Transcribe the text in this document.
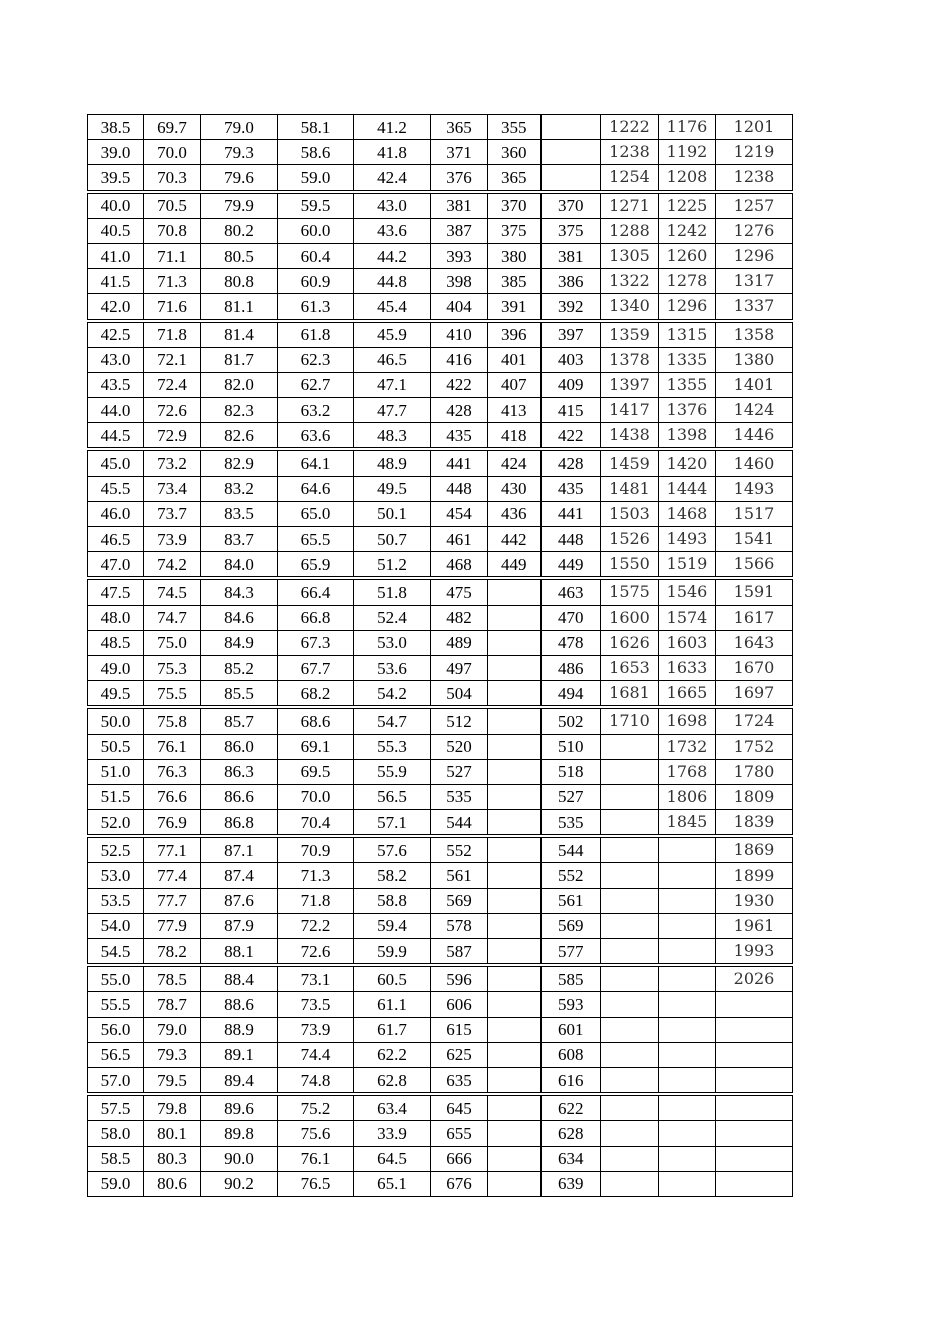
38.5	69.7	79.0	58.1	41.2	365	355		1222	1176	1201
39.0	70.0	79.3	58.6	41.8	371	360		1238	1192	1219
39.5	70.3	79.6	59.0	42.4	376	365		1254	1208	1238
40.0	70.5	79.9	59.5	43.0	381	370	370	1271	1225	1257
40.5	70.8	80.2	60.0	43.6	387	375	375	1288	1242	1276
41.0	71.1	80.5	60.4	44.2	393	380	381	1305	1260	1296
41.5	71.3	80.8	60.9	44.8	398	385	386	1322	1278	1317
42.0	71.6	81.1	61.3	45.4	404	391	392	1340	1296	1337
42.5	71.8	81.4	61.8	45.9	410	396	397	1359	1315	1358
43.0	72.1	81.7	62.3	46.5	416	401	403	1378	1335	1380
43.5	72.4	82.0	62.7	47.1	422	407	409	1397	1355	1401
44.0	72.6	82.3	63.2	47.7	428	413	415	1417	1376	1424
44.5	72.9	82.6	63.6	48.3	435	418	422	1438	1398	1446
45.0	73.2	82.9	64.1	48.9	441	424	428	1459	1420	1460
45.5	73.4	83.2	64.6	49.5	448	430	435	1481	1444	1493
46.0	73.7	83.5	65.0	50.1	454	436	441	1503	1468	1517
46.5	73.9	83.7	65.5	50.7	461	442	448	1526	1493	1541
47.0	74.2	84.0	65.9	51.2	468	449	449	1550	1519	1566
47.5	74.5	84.3	66.4	51.8	475		463	1575	1546	1591
48.0	74.7	84.6	66.8	52.4	482		470	1600	1574	1617
48.5	75.0	84.9	67.3	53.0	489		478	1626	1603	1643
49.0	75.3	85.2	67.7	53.6	497		486	1653	1633	1670
49.5	75.5	85.5	68.2	54.2	504		494	1681	1665	1697
50.0	75.8	85.7	68.6	54.7	512		502	1710	1698	1724
50.5	76.1	86.0	69.1	55.3	520		510		1732	1752
51.0	76.3	86.3	69.5	55.9	527		518		1768	1780
51.5	76.6	86.6	70.0	56.5	535		527		1806	1809
52.0	76.9	86.8	70.4	57.1	544		535		1845	1839
52.5	77.1	87.1	70.9	57.6	552		544			1869
53.0	77.4	87.4	71.3	58.2	561		552			1899
53.5	77.7	87.6	71.8	58.8	569		561			1930
54.0	77.9	87.9	72.2	59.4	578		569			1961
54.5	78.2	88.1	72.6	59.9	587		577			1993
55.0	78.5	88.4	73.1	60.5	596		585			2026
55.5	78.7	88.6	73.5	61.1	606		593			
56.0	79.0	88.9	73.9	61.7	615		601			
56.5	79.3	89.1	74.4	62.2	625		608			
57.0	79.5	89.4	74.8	62.8	635		616			
57.5	79.8	89.6	75.2	63.4	645		622			
58.0	80.1	89.8	75.6	33.9	655		628			
58.5	80.3	90.0	76.1	64.5	666		634			
59.0	80.6	90.2	76.5	65.1	676		639			
